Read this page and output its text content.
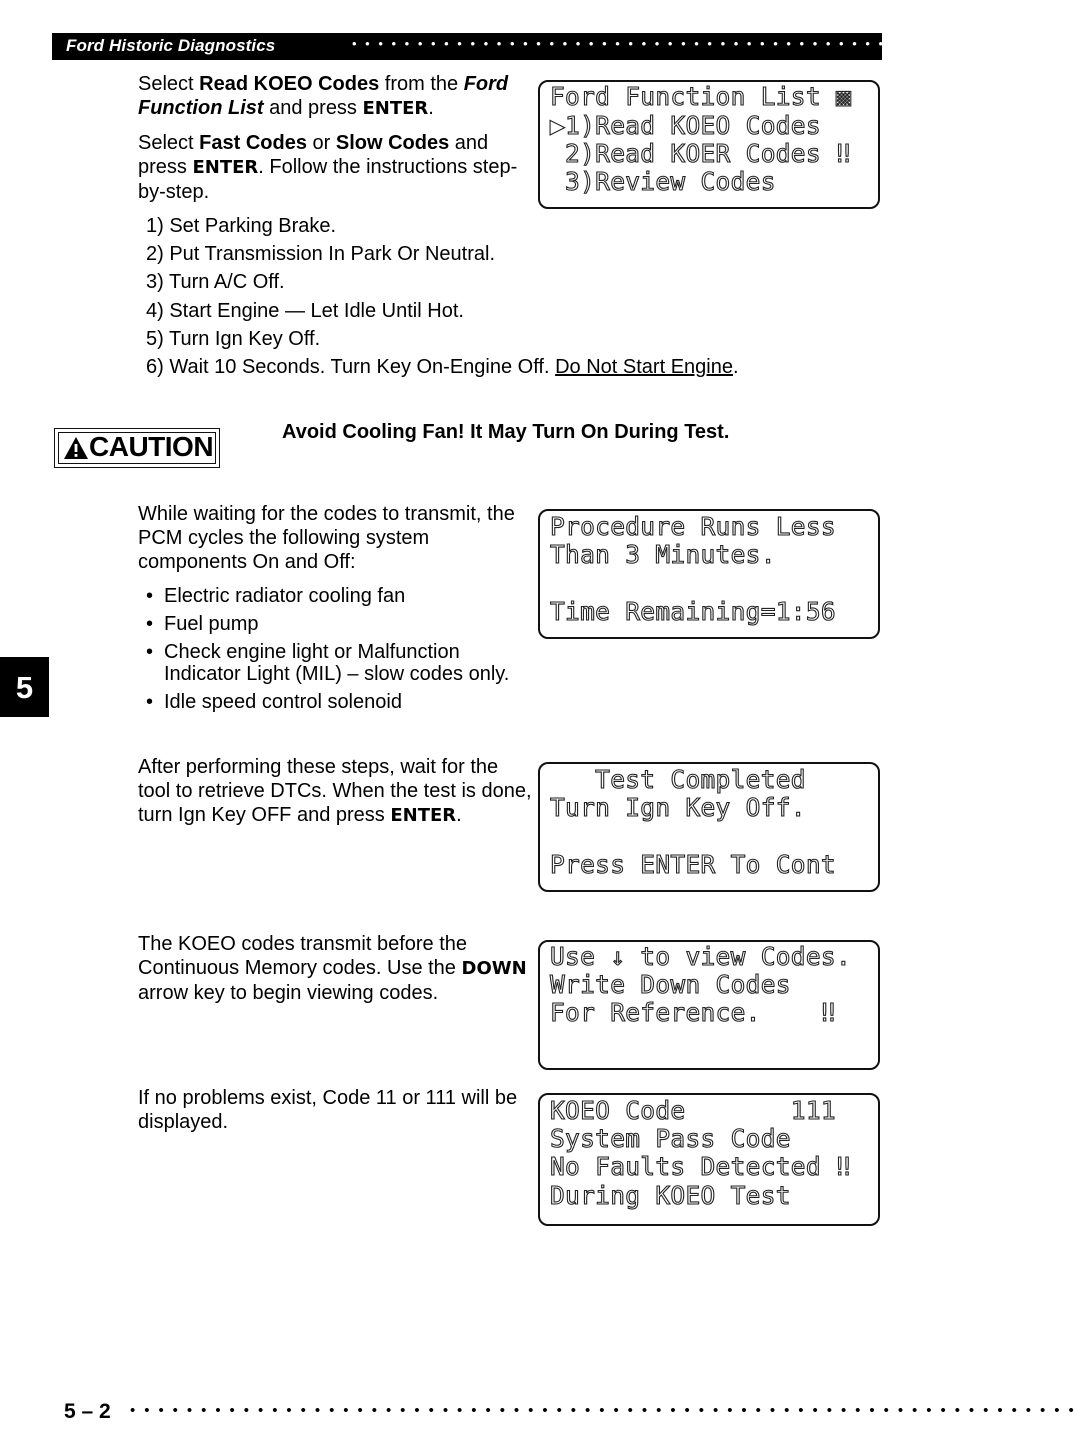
Ford Historic Diagnostics	• • • • • • • • • • • • • • • • • • • • • • • • • • • • • • • • • • • • • • • • • • • • • • • • •
Select Read KOEO Codes from the Ford Function List and press ENTER.
Select Fast Codes or Slow Codes and press ENTER. Follow the instructions step-by-step.
1) Set Parking Brake.
2) Put Transmission In Park Or Neutral.
3) Turn A/C Off.
4) Start Engine — Let Idle Until Hot.
5) Turn Ign Key Off.
6) Wait 10 Seconds. Turn Key On-Engine Off. Do Not Start Engine.
Ford Function List ▩
▶1)Read KOEO Codes
2)Read KOER Codes ‼
3)Review Codes
CAUTION	Avoid Cooling Fan! It May Turn On During Test.
While waiting for the codes to transmit, the PCM cycles the following system components On and Off:
• Electric radiator cooling fan
• Fuel pump
• Check engine light or Malfunction Indicator Light (MIL) – slow codes only.
• Idle speed control solenoid
Procedure Runs Less
Than 3 Minutes.
Time Remaining=1:56
5
After performing these steps, wait for the tool to retrieve DTCs. When the test is done, turn Ign Key OFF and press ENTER.
Test Completed
Turn Ign Key Off.
Press ENTER To Cont
The KOEO codes transmit before the Continuous Memory codes. Use the DOWN arrow key to begin viewing codes.
Use ↓ to view Codes.
Write Down Codes
For Reference.    ‼
If no problems exist, Code 11 or 111 will be displayed.	KOEO Code       111
System Pass Code
No Faults Detected ‼
During KOEO Test
5 – 2 • • • • • • • • • • • • • • • • • • • • • • • • • • • • • • • • • • • • • • • • • • • • • • • • • • • • • • • • • • • • • • • • • • •
